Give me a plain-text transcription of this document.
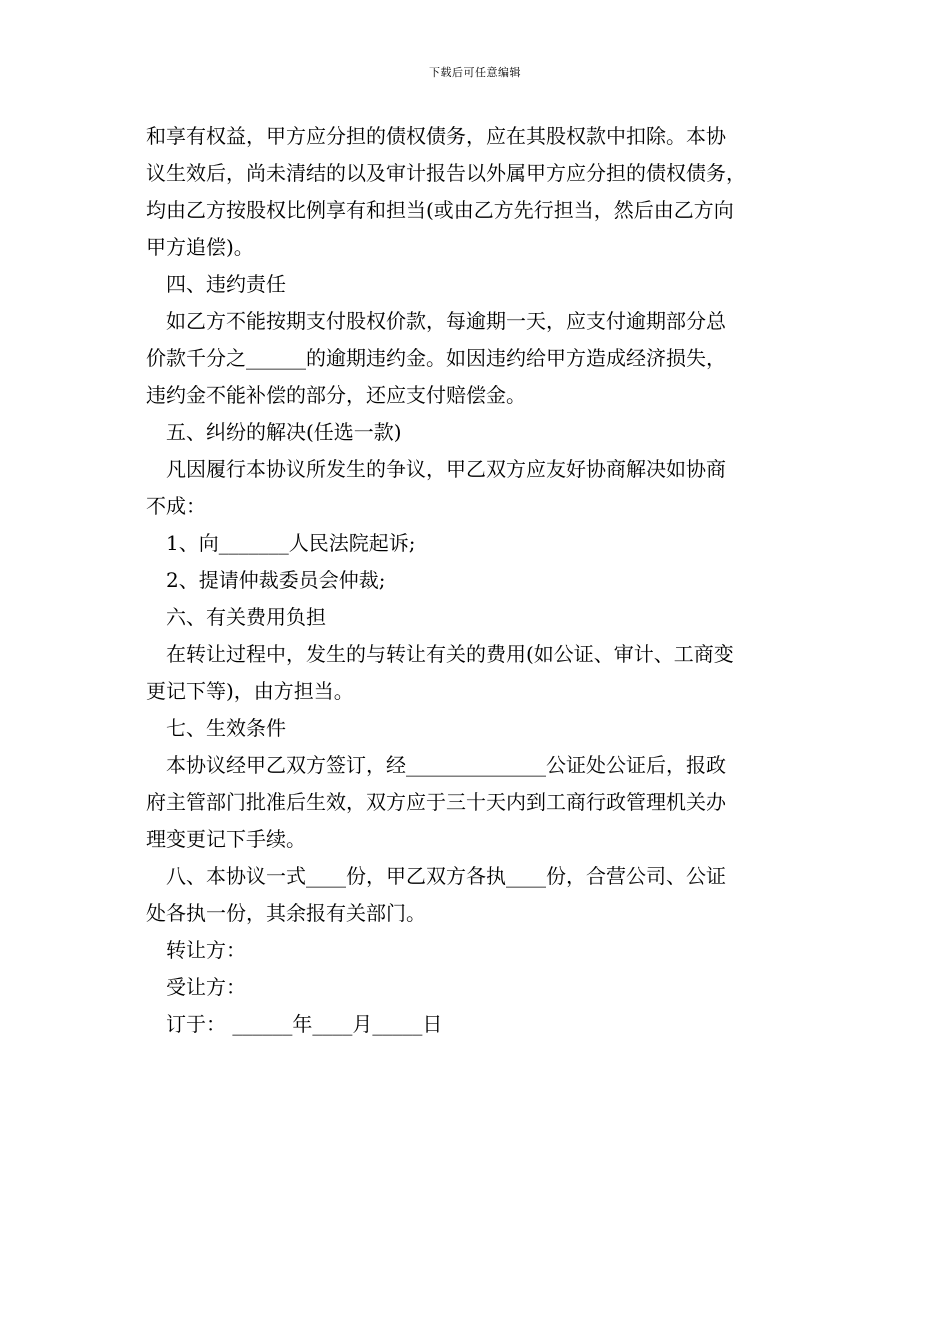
下载后可任意编辑
和享有权益，甲方应分担的债权债务，应在其股权款中扣除。本协
议生效后，尚未清结的以及审计报告以外属甲方应分担的债权债务，
均由乙方按股权比例享有和担当(或由乙方先行担当，然后由乙方向
甲方追偿)。
四、违约责任
如乙方不能按期支付股权价款，每逾期一天，应支付逾期部分总
价款千分之______的逾期违约金。如因违约给甲方造成经济损失，
违约金不能补偿的部分，还应支付赔偿金。
五、纠纷的解决(任选一款)
凡因履行本协议所发生的争议，甲乙双方应友好协商解决如协商
不成：
1、向_______人民法院起诉;
2、提请仲裁委员会仲裁;
六、有关费用负担
在转让过程中，发生的与转让有关的费用(如公证、审计、工商变
更记下等)，由方担当。
七、生效条件
本协议经甲乙双方签订，经______________公证处公证后，报政
府主管部门批准后生效，双方应于三十天内到工商行政管理机关办
理变更记下手续。
八、本协议一式____份，甲乙双方各执____份，合营公司、公证
处各执一份，其余报有关部门。
转让方：
受让方：
订于： ______年____月_____日
